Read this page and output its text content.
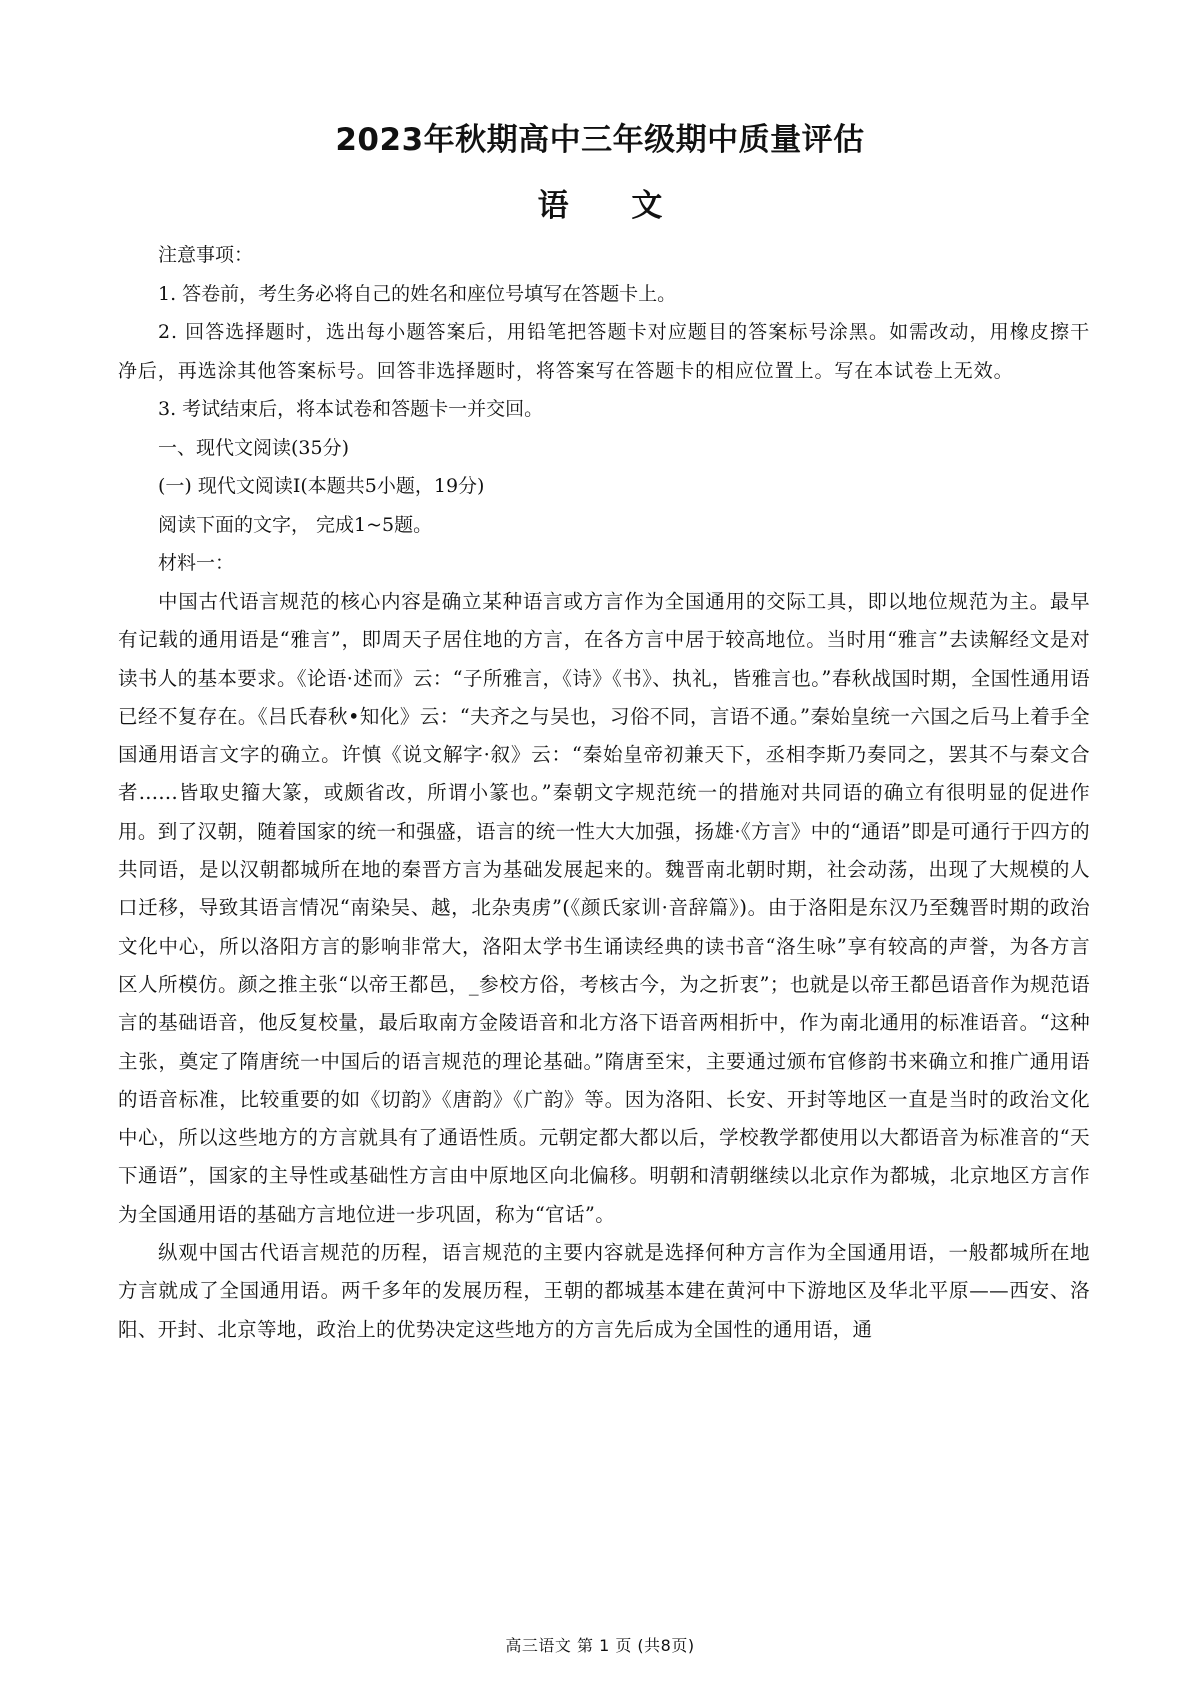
2023年秋期高中三年级期中质量评估
语 文

注意事项：

1. 答卷前，考生务必将自己的姓名和座位号填写在答题卡上。

2. 回答选择题时，选出每小题答案后，用铅笔把答题卡对应题目的答案标号涂黑。如需改动，用橡皮擦干净后，再选涂其他答案标号。回答非选择题时，将答案写在答题卡的相应位置上。写在本试卷上无效。

3. 考试结束后，将本试卷和答题卡一并交回。

一、现代文阅读(35分)

(一) 现代文阅读Ⅰ(本题共5小题，19分)

阅读下面的文字， 完成1~5题。

材料一：

中国古代语言规范的核心内容是确立某种语言或方言作为全国通用的交际工具，即以地位规范为主。最早有记载的通用语是“雅言”，即周天子居住地的方言，在各方言中居于较高地位。当时用“雅言”去读解经文是对读书人的基本要求。《论语·述而》云：“子所雅言，《诗》《书》、执礼，皆雅言也。”春秋战国时期，全国性通用语已经不复存在。《吕氏春秋•知化》云：“夫齐之与吴也，习俗不同，言语不通。”秦始皇统一六国之后马上着手全国通用语言文字的确立。许慎《说文解字·叙》云：“秦始皇帝初兼天下，丞相李斯乃奏同之，罢其不与秦文合者......皆取史籀大篆，或颇省改，所谓小篆也。”秦朝文字规范统一的措施对共同语的确立有很明显的促进作用。到了汉朝，随着国家的统一和强盛，语言的统一性大大加强，扬雄·《方言》中的“通语”即是可通行于四方的共同语，是以汉朝都城所在地的秦晋方言为基础发展起来的。魏晋南北朝时期，社会动荡，出现了大规模的人口迁移，导致其语言情况“南染吴、越，北杂夷虏”(《颜氏家训·音辞篇》)。由于洛阳是东汉乃至魏晋时期的政治文化中心，所以洛阳方言的影响非常大，洛阳太学书生诵读经典的读书音“洛生咏”享有较高的声誉，为各方言区人所模仿。颜之推主张“以帝王都邑，_参校方俗，考核古今，为之折衷”；也就是以帝王都邑语音作为规范语言的基础语音，他反复校量，最后取南方金陵语音和北方洛下语音两相折中，作为南北通用的标准语音。“这种主张，奠定了隋唐统一中国后的语言规范的理论基础。”隋唐至宋，主要通过颁布官修韵书来确立和推广通用语的语音标准，比较重要的如《切韵》《唐韵》《广韵》等。因为洛阳、长安、开封等地区一直是当时的政治文化中心，所以这些地方的方言就具有了通语性质。元朝定都大都以后，学校教学都使用以大都语音为标准音的“天下通语”，国家的主导性或基础性方言由中原地区向北偏移。明朝和清朝继续以北京作为都城，北京地区方言作为全国通用语的基础方言地位进一步巩固，称为“官话”。

纵观中国古代语言规范的历程，语言规范的主要内容就是选择何种方言作为全国通用语，一般都城所在地方言就成了全国通用语。两千多年的发展历程，王朝的都城基本建在黄河中下游地区及华北平原——西安、洛阳、开封、北京等地，政治上的优势决定这些地方的方言先后成为全国性的通用语，通

高三语文 第 1 页 (共8页)
